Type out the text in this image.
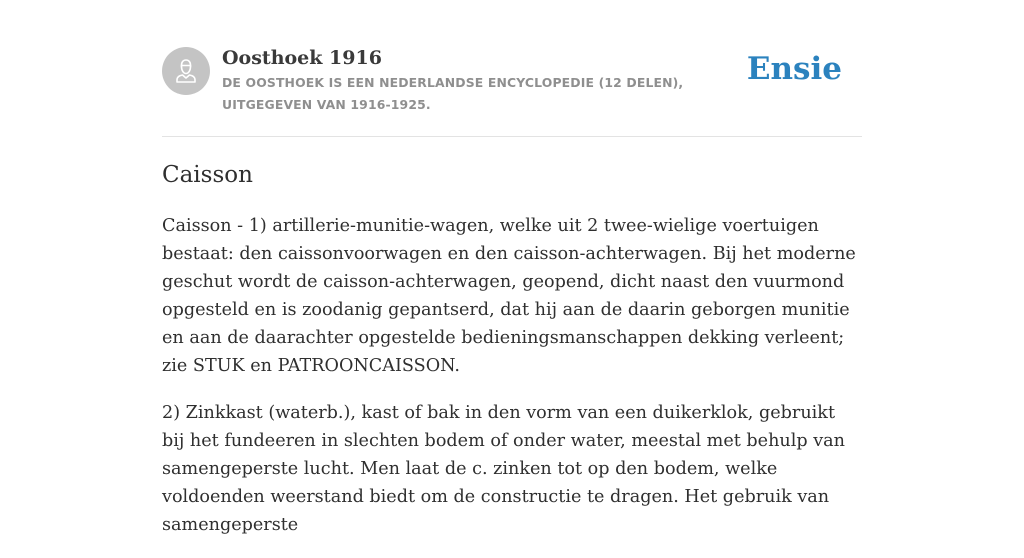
Oosthoek 1916

DE OOSTHOEK IS EEN NEDERLANDSE ENCYCLOPEDIE (12 DELEN), UITGEGEVEN VAN 1916-1925.

Ensie
Caisson

Caisson - 1) artillerie-munitie-wagen, welke uit 2 twee-wielige voertuigen bestaat: den caissonvoorwagen en den caisson-achterwagen. Bij het moderne geschut wordt de caisson-achterwagen, geopend, dicht naast den vuurmond opgesteld en is zoodanig gepantserd, dat hij aan de daarin geborgen munitie en aan de daarachter opgestelde bedieningsmanschappen dekking verleent; zie STUK en PATROONCAISSON.

2) Zinkkast (waterb.), kast of bak in den vorm van een duikerklok, gebruikt bij het fundeeren in slechten bodem of onder water, meestal met behulp van samengeperste lucht. Men laat de c. zinken tot op den bodem, welke voldoenden weerstand biedt om de constructie te dragen. Het gebruik van samengeperste
